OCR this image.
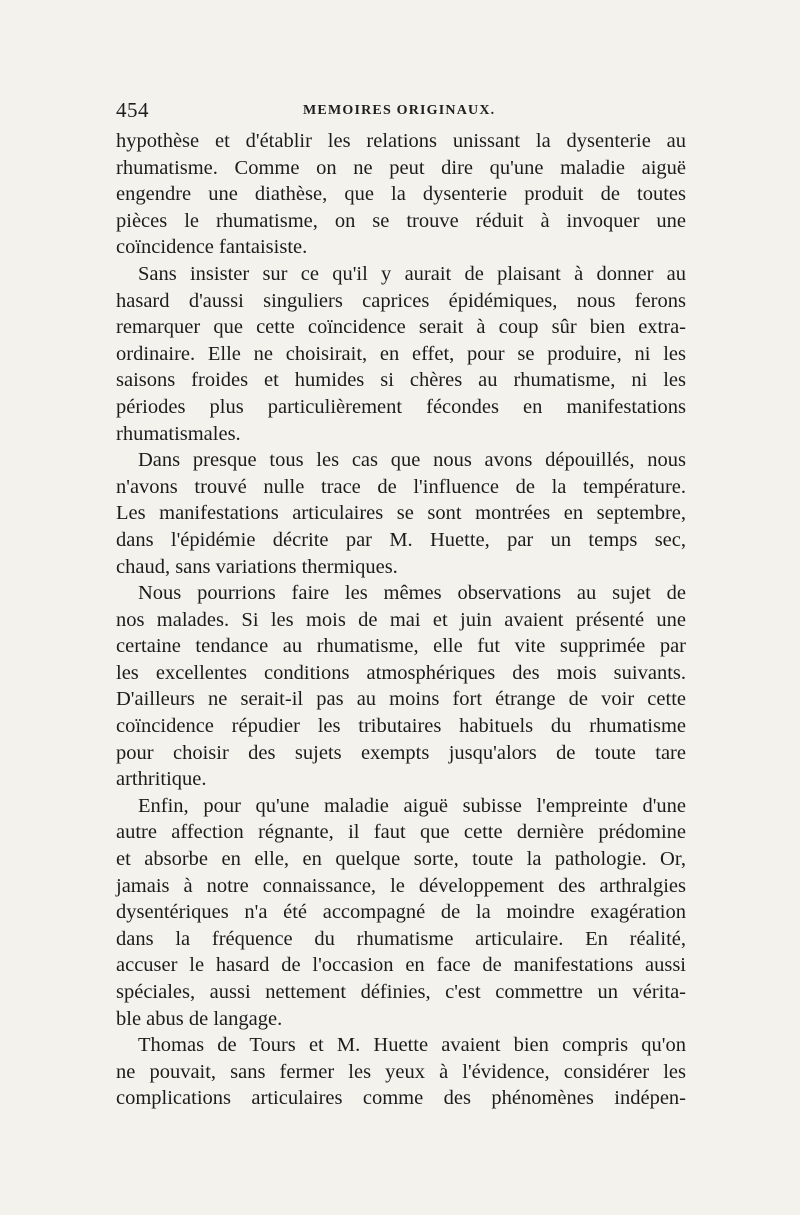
454	MEMOIRES ORIGINAUX.

hypothèse et d'établir les relations unissant la dysenterie au
rhumatisme. Comme on ne peut dire qu'une maladie aiguë
engendre une diathèse, que la dysenterie produit de toutes
pièces le rhumatisme, on se trouve réduit à invoquer une
coïncidence fantaisiste.

Sans insister sur ce qu'il y aurait de plaisant à donner au
hasard d'aussi singuliers caprices épidémiques, nous ferons
remarquer que cette coïncidence serait à coup sûr bien extra-
ordinaire. Elle ne choisirait, en effet, pour se produire, ni les
saisons froides et humides si chères au rhumatisme, ni les
périodes plus particulièrement fécondes en manifestations
rhumatismales.

Dans presque tous les cas que nous avons dépouillés, nous
n'avons trouvé nulle trace de l'influence de la température.
Les manifestations articulaires se sont montrées en septembre,
dans l'épidémie décrite par M. Huette, par un temps sec,
chaud, sans variations thermiques.

Nous pourrions faire les mêmes observations au sujet de
nos malades. Si les mois de mai et juin avaient présenté une
certaine tendance au rhumatisme, elle fut vite supprimée par
les excellentes conditions atmosphériques des mois suivants.
D'ailleurs ne serait-il pas au moins fort étrange de voir cette
coïncidence répudier les tributaires habituels du rhumatisme
pour choisir des sujets exempts jusqu'alors de toute tare
arthritique.

Enfin, pour qu'une maladie aiguë subisse l'empreinte d'une
autre affection régnante, il faut que cette dernière prédomine
et absorbe en elle, en quelque sorte, toute la pathologie. Or,
jamais à notre connaissance, le développement des arthralgies
dysentériques n'a été accompagné de la moindre exagération
dans la fréquence du rhumatisme articulaire. En réalité,
accuser le hasard de l'occasion en face de manifestations aussi
spéciales, aussi nettement définies, c'est commettre un vérita-
ble abus de langage.

Thomas de Tours et M. Huette avaient bien compris qu'on
ne pouvait, sans fermer les yeux à l'évidence, considérer les
complications articulaires comme des phénomènes indépen-
